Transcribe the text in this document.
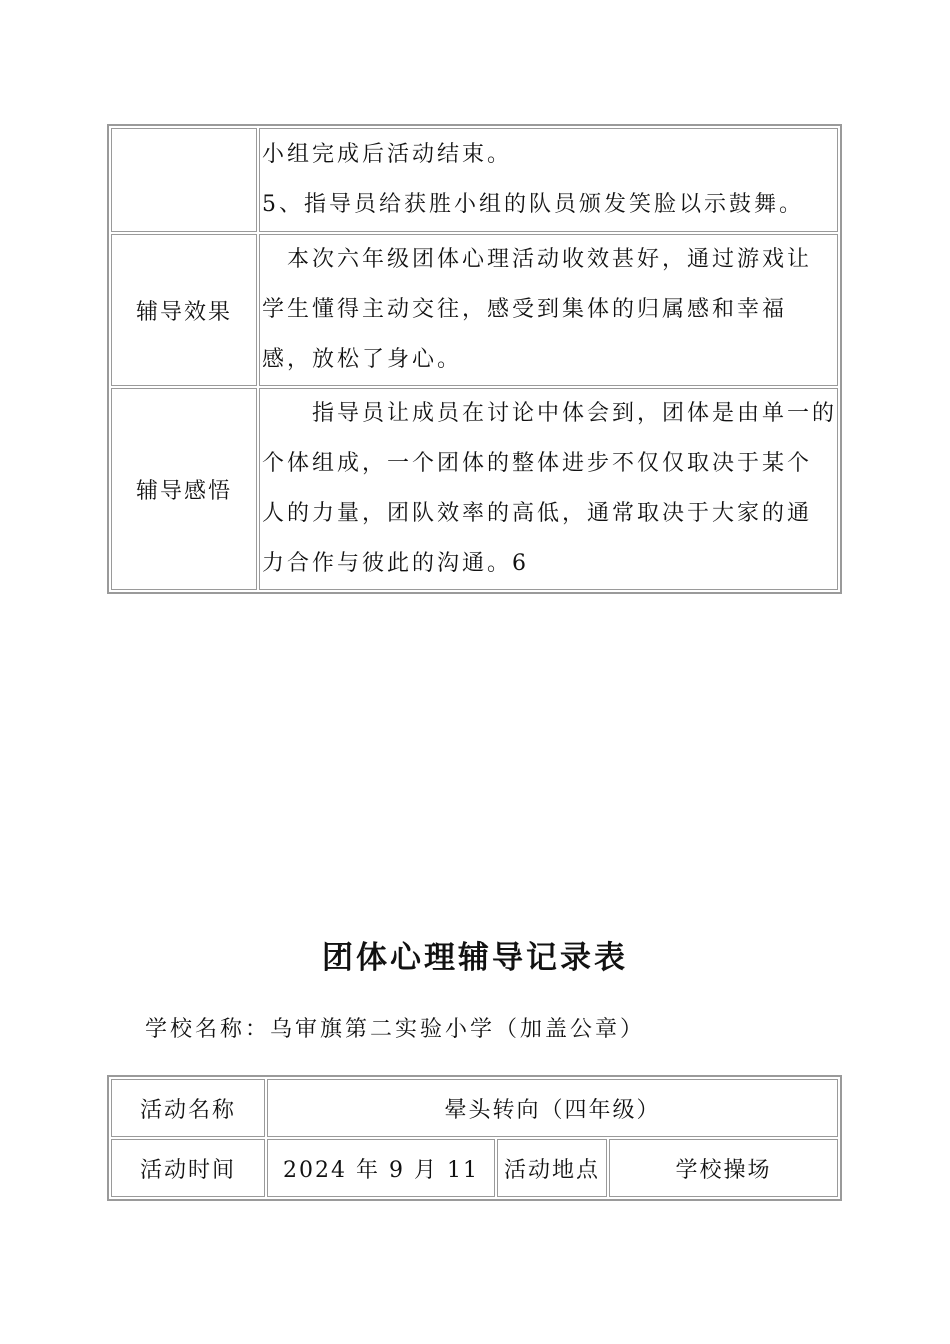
	小组完成后活动结束。

5、指导员给获胜小组的队员颁发笑脸以示鼓舞。

辅导效果	　本次六年级团体心理活动收效甚好，通过游戏让

学生懂得主动交往，感受到集体的归属感和幸福

感，放松了身心。

辅导感悟	　　指导员让成员在讨论中体会到，团体是由单一的

个体组成，一个团体的整体进步不仅仅取决于某个

人的力量，团队效率的高低，通常取决于大家的通

力合作与彼此的沟通。6

团体心理辅导记录表

学校名称：乌审旗第二实验小学（加盖公章）

活动名称	晕头转向（四年级）		
活动时间	2024 年 9 月 11	活动地点	学校操场
